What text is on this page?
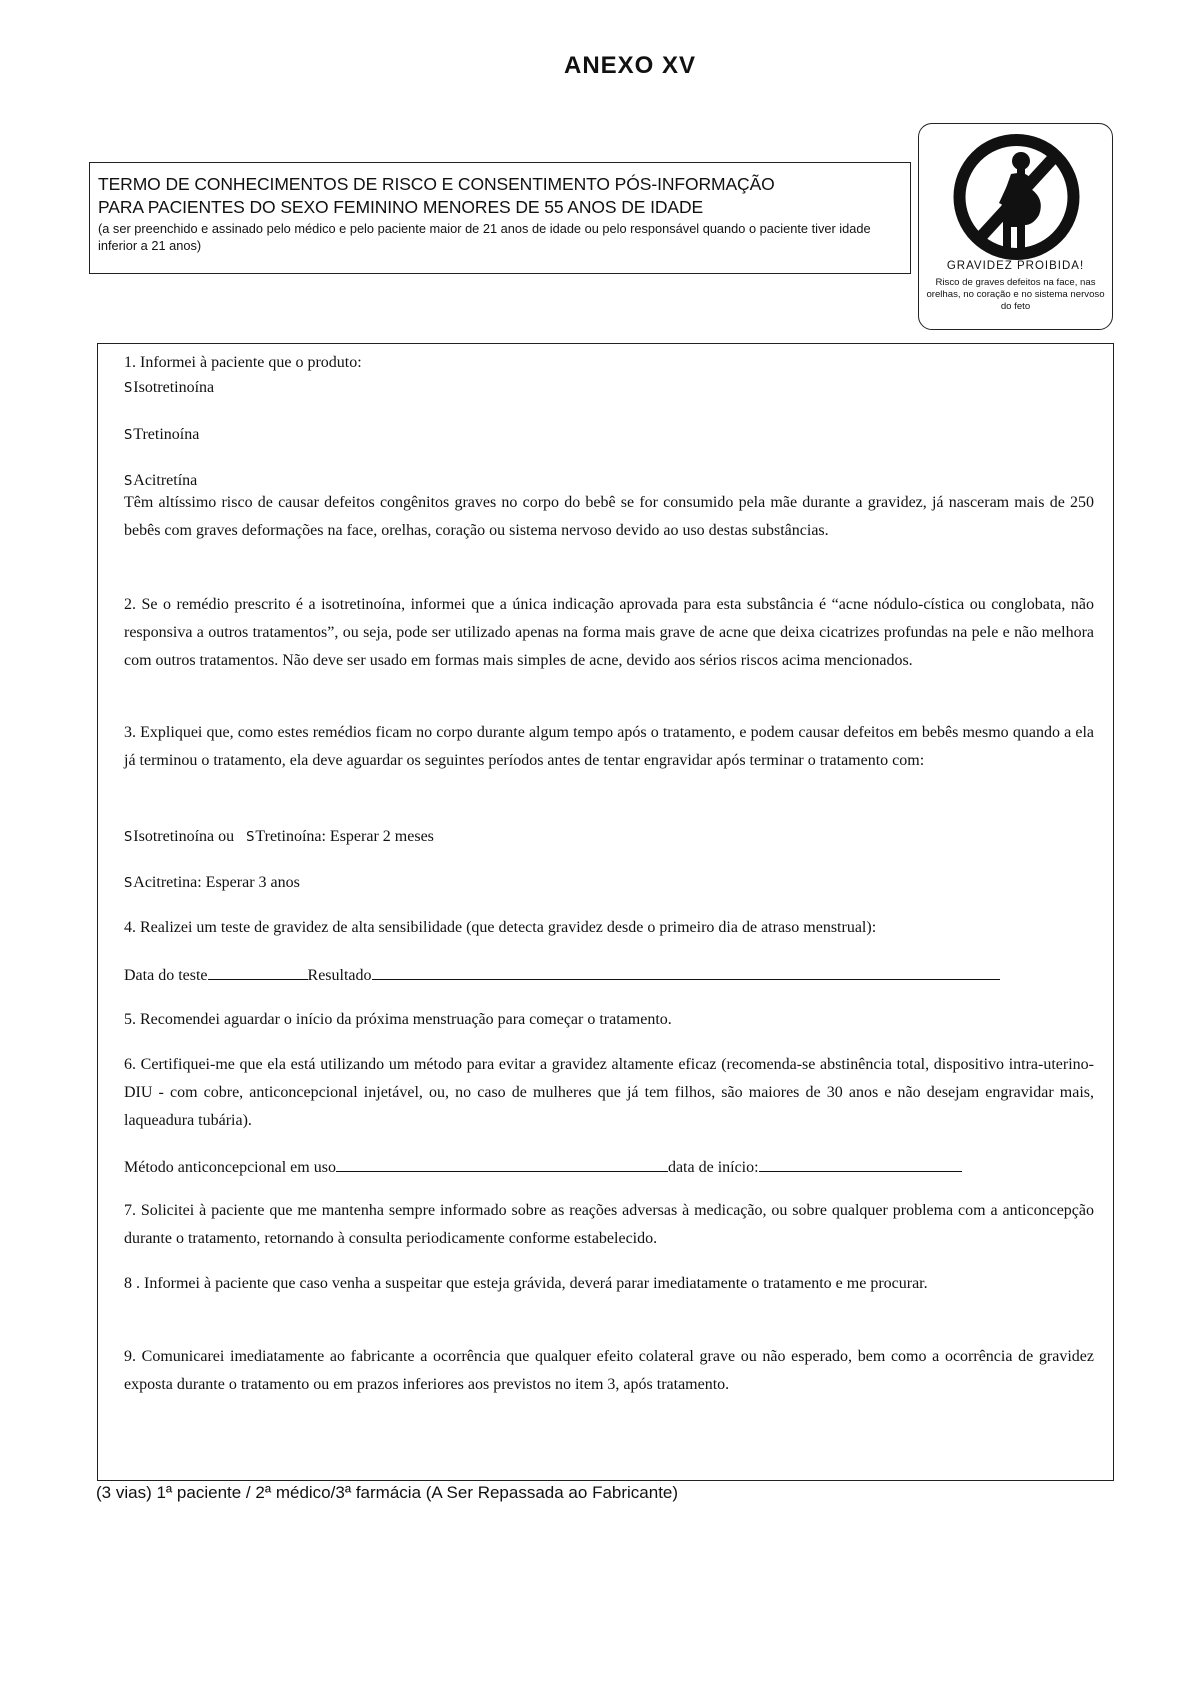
ANEXO XV
TERMO DE CONHECIMENTOS DE RISCO E CONSENTIMENTO PÓS-INFORMAÇÃO
PARA PACIENTES DO SEXO FEMININO MENORES DE 55 ANOS DE IDADE
(a ser preenchido e assinado pelo médico e pelo paciente maior de 21 anos de idade ou pelo responsável quando o paciente tiver idade inferior a 21 anos)
GRAVIDEZ PROIBIDA!
Risco de graves defeitos na face, nas orelhas, no coração e no sistema nervoso do feto
1. Informei à paciente que o produto:
SIsotretinoína
STretinoína
SAcitretína
Têm altíssimo risco de causar defeitos congênitos graves no corpo do bebê se for consumido pela mãe durante a gravidez, já nasceram mais de 250 bebês com graves deformações na face, orelhas, coração ou sistema nervoso devido ao uso destas substâncias.
2. Se o remédio prescrito é a isotretinoína, informei que a única indicação aprovada para esta substância é “acne nódulo-cística ou conglobata, não responsiva a outros tratamentos”, ou seja, pode ser utilizado apenas na forma mais grave de acne que deixa cicatrizes profundas na pele e não melhora com outros tratamentos. Não deve ser usado em formas mais simples de acne, devido aos sérios riscos acima mencionados.
3. Expliquei que, como estes remédios ficam no corpo durante algum tempo após o tratamento, e podem causar defeitos em bebês mesmo quando a ela já terminou o tratamento, ela deve aguardar os seguintes períodos antes de tentar engravidar após terminar o tratamento com:
SIsotretinoína ou STretinoína: Esperar 2 meses
SAcitretina: Esperar 3 anos
4. Realizei um teste de gravidez de alta sensibilidade (que detecta gravidez desde o primeiro dia de atraso menstrual):
Data do teste	Resultado
5. Recomendei aguardar o início da próxima menstruação para começar o tratamento.
6. Certifiquei-me que ela está utilizando um método para evitar a gravidez altamente eficaz (recomenda-se abstinência total, dispositivo intra-uterino-DIU - com cobre, anticoncepcional injetável, ou, no caso de mulheres que já tem filhos, são maiores de 30 anos e não desejam engravidar mais, laqueadura tubária).
Método anticoncepcional em uso	data de início:
7. Solicitei à paciente que me mantenha sempre informado sobre as reações adversas à medicação, ou sobre qualquer problema com a anticoncepção durante o tratamento, retornando à consulta periodicamente conforme estabelecido.
8 . Informei à paciente que caso venha a suspeitar que esteja grávida, deverá parar imediatamente o tratamento e me procurar.
9. Comunicarei imediatamente ao fabricante a ocorrência que qualquer efeito colateral grave ou não esperado, bem como a ocorrência de gravidez exposta durante o tratamento ou em prazos inferiores aos previstos no item 3, após tratamento.
(3 vias) 1ª paciente / 2ª médico/3ª farmácia (A Ser Repassada ao Fabricante)
